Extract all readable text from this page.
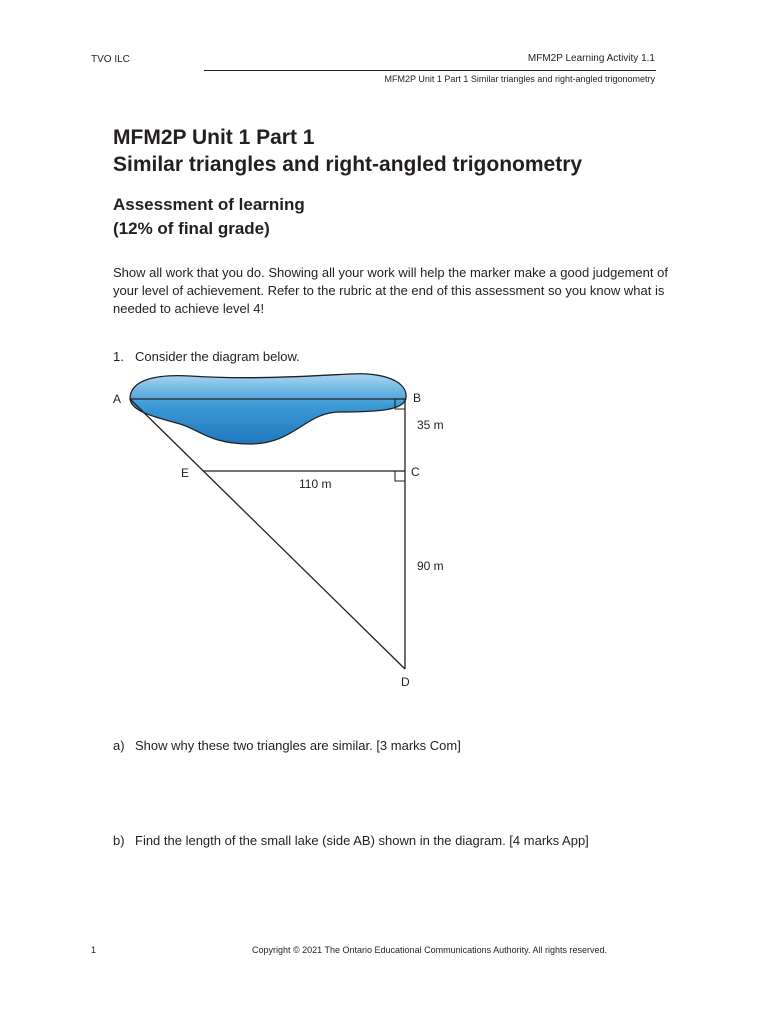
TVO ILC	MFM2P Learning Activity 1.1
MFM2P Unit 1 Part 1 Similar triangles and right-angled trigonometry
MFM2P Unit 1 Part 1
Similar triangles and right-angled trigonometry
Assessment of learning
(12% of final grade)
Show all work that you do. Showing all your work will help the marker make a good judgement of your level of achievement. Refer to the rubric at the end of this assessment so you know what is needed to achieve level 4!
1. Consider the diagram below.
A	B
C
D
E
35 m
110 m
90 m
a) Show why these two triangles are similar. [3 marks Com]
b) Find the length of the small lake (side AB) shown in the diagram. [4 marks App]
1	Copyright © 2021 The Ontario Educational Communications Authority. All rights reserved.
